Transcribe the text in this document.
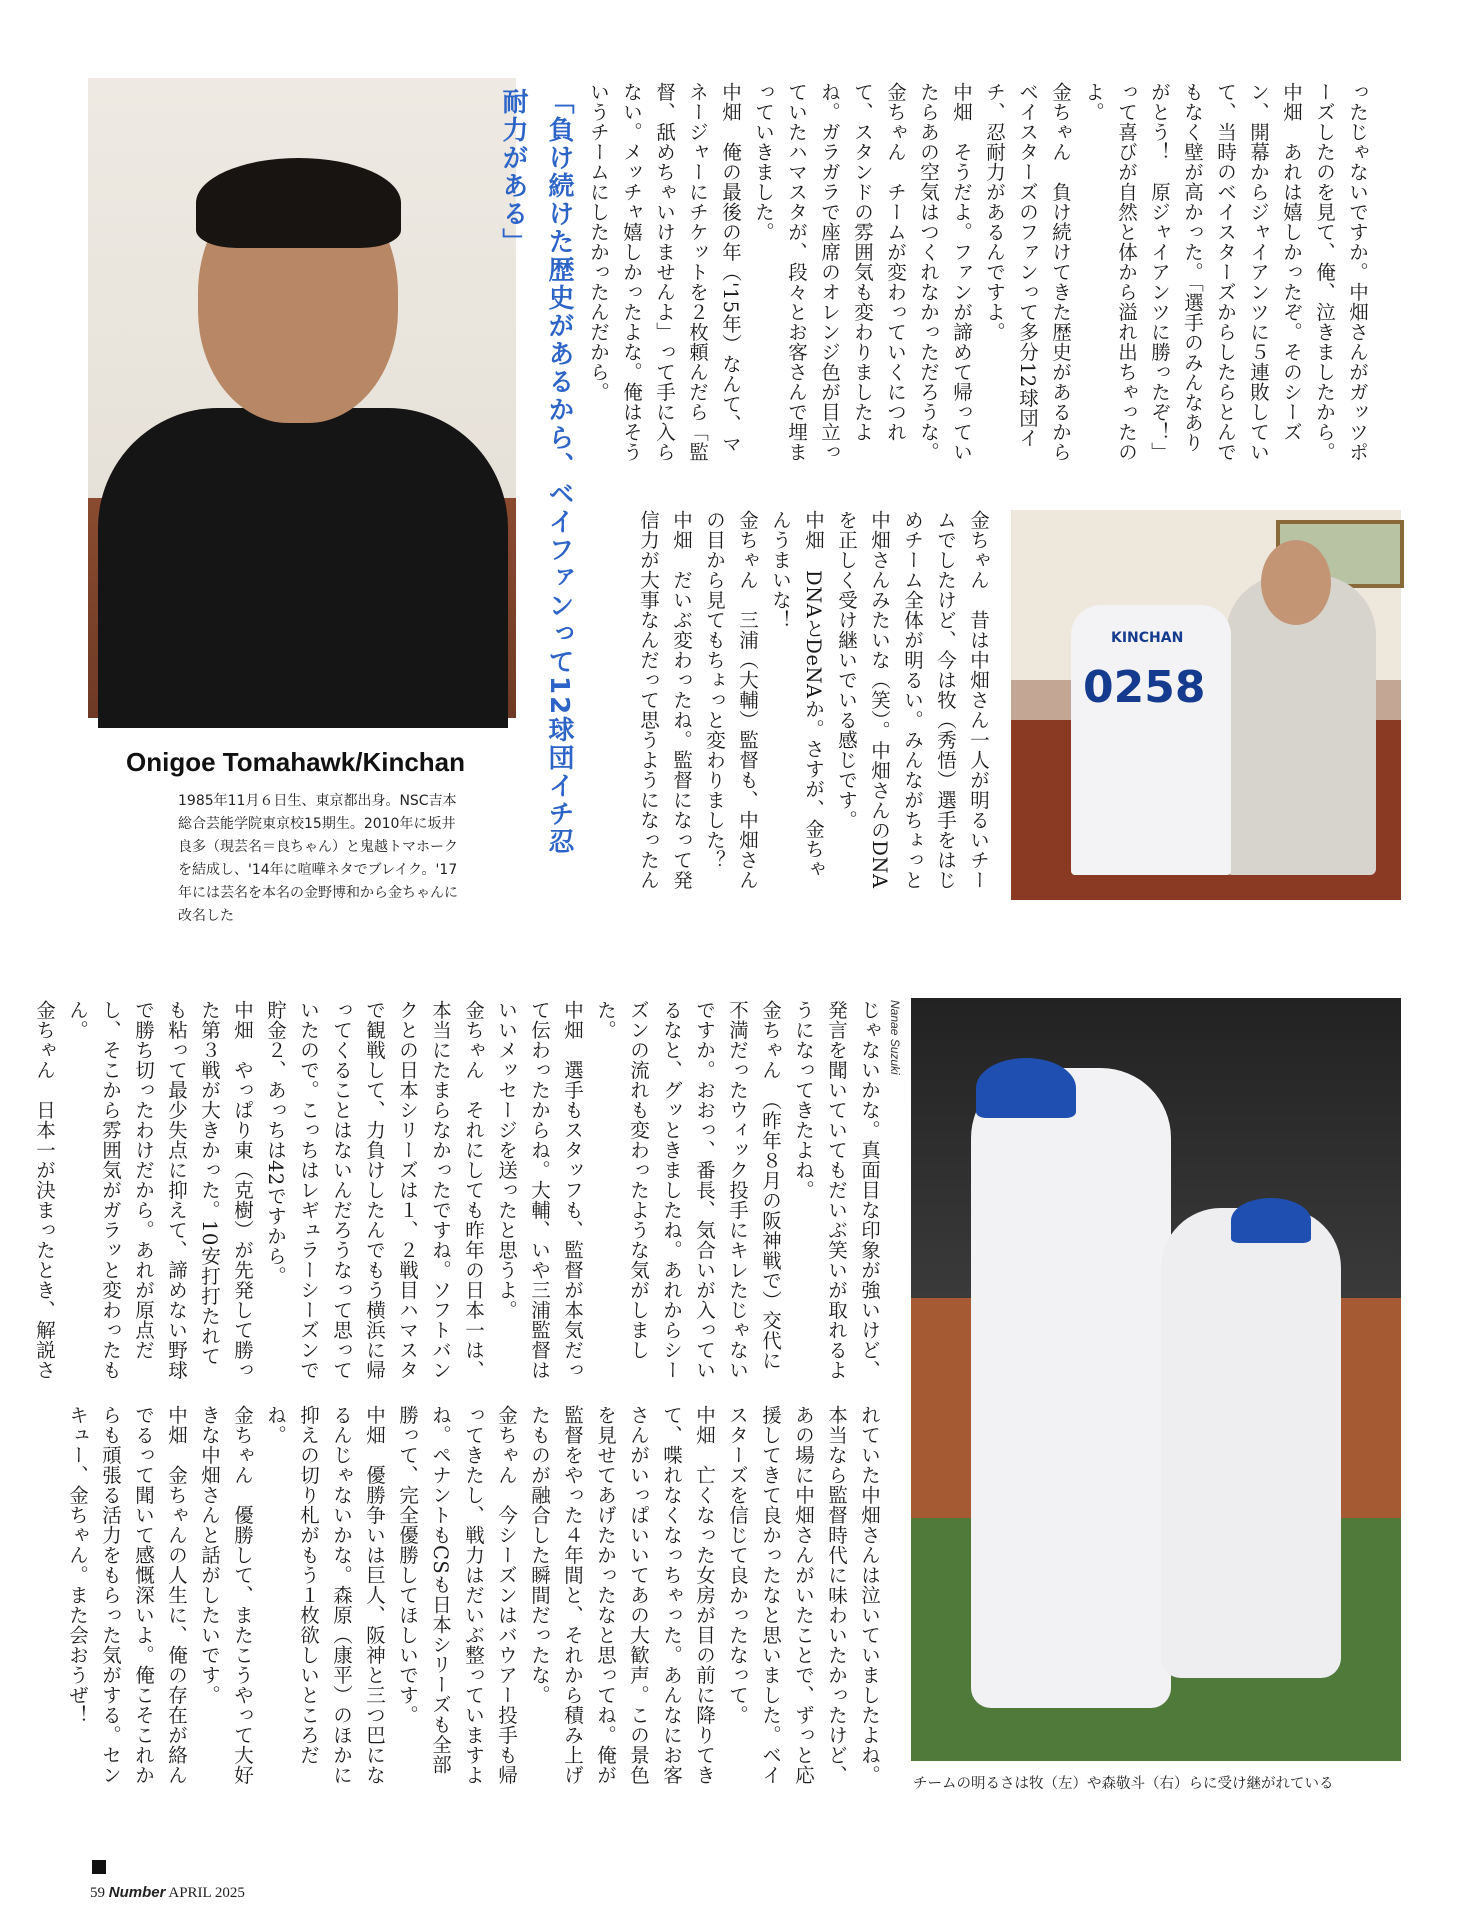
ったじゃないですか。中畑さんがガッツポーズしたのを見て、俺、泣きましたから。
中畑　あれは嬉しかったぞ。そのシーズン、開幕からジャイアンツに５連敗していて、当時のベイスターズからしたらとんでもなく壁が高かった。「選手のみんなありがとう！　原ジャイアンツに勝ったぞ！」って喜びが自然と体から溢れ出ちゃったのよ。
金ちゃん　負け続けてきた歴史があるからベイスターズのファンって多分12球団イチ、忍耐力があるんですよ。
中畑　そうだよ。ファンが諦めて帰っていたらあの空気はつくれなかっただろうな。
金ちゃん　チームが変わっていくにつれて、スタンドの雰囲気も変わりましたよね。ガラガラで座席のオレンジ色が目立っていたハマスタが、段々とお客さんで埋まっていきました。
中畑　俺の最後の年（'15年）なんて、マネージャーにチケットを２枚頼んだら「監督、舐めちゃいけませんよ」って手に入らない。メッチャ嬉しかったよな。俺はそういうチームにしたかったんだから。
KINCHAN
0258
金ちゃん　昔は中畑さん一人が明るいチームでしたけど、今は牧（秀悟）選手をはじめチーム全体が明るい。みんながちょっと中畑さんみたいな（笑）。中畑さんのDNAを正しく受け継いでいる感じです。
中畑　DNAとDeNAか。さすが、金ちゃんうまいな！
金ちゃん　三浦（大輔）監督も、中畑さんの目から見てもちょっと変わりました？
中畑　だいぶ変わったね。監督になって発信力が大事なんだって思うようになったん
「負け続けた歴史があるから、ベイファンって12球団イチ忍耐力がある」
Onigoe Tomahawk/Kinchan
1985年11月６日生、東京都出身。NSC吉本総合芸能学院東京校15期生。2010年に坂井良多（現芸名＝良ちゃん）と鬼越トマホークを結成し、'14年に喧嘩ネタでブレイク。'17年には芸名を本名の金野博和から金ちゃんに改名した
じゃないかな。真面目な印象が強いけど、発言を聞いていてもだいぶ笑いが取れるようになってきたよね。
金ちゃん　（昨年８月の阪神戦で）交代に不満だったウィック投手にキレたじゃないですか。おおっ、番長、気合いが入っているなと、グッときましたね。あれからシーズンの流れも変わったような気がしました。
中畑　選手もスタッフも、監督が本気だって伝わったからね。大輔、いや三浦監督はいいメッセージを送ったと思うよ。
金ちゃん　それにしても昨年の日本一は、本当にたまらなかったですね。ソフトバンクとの日本シリーズは１、２戦目ハマスタで観戦して、力負けしたんでもう横浜に帰ってくることはないんだろうなって思っていたので。こっちはレギュラーシーズンで貯金２、あっちは42ですから。
中畑　やっぱり東（克樹）が先発して勝った第３戦が大きかった。10安打打たれても粘って最少失点に抑えて、諦めない野球で勝ち切ったわけだから。あれが原点だし、そこから雰囲気がガラッと変わったもん。
金ちゃん　日本一が決まったとき、解説さ
れていた中畑さんは泣いていましたよね。本当なら監督時代に味わいたかったけど、あの場に中畑さんがいたことで、ずっと応援してきて良かったなと思いました。ベイスターズを信じて良かったなって。
中畑　亡くなった女房が目の前に降りてきて、喋れなくなっちゃった。あんなにお客さんがいっぱいいてあの大歓声。この景色を見せてあげたかったなと思ってね。俺が監督をやった４年間と、それから積み上げたものが融合した瞬間だったな。
金ちゃん　今シーズンはバウアー投手も帰ってきたし、戦力はだいぶ整っていますよね。ペナントもCSも日本シリーズも全部勝って、完全優勝してほしいです。
中畑　優勝争いは巨人、阪神と三つ巴になるんじゃないかな。森原（康平）のほかに抑えの切り札がもう１枚欲しいところだね。
金ちゃん　優勝して、またこうやって大好きな中畑さんと話がしたいです。
中畑　金ちゃんの人生に、俺の存在が絡んでるって聞いて感慨深いよ。俺こそこれからも頑張る活力をもらった気がする。センキュー、金ちゃん。また会おうぜ！
Nanae Suzuki
チームの明るさは牧（左）や森敬斗（右）らに受け継がれている
59 Number APRIL 2025
